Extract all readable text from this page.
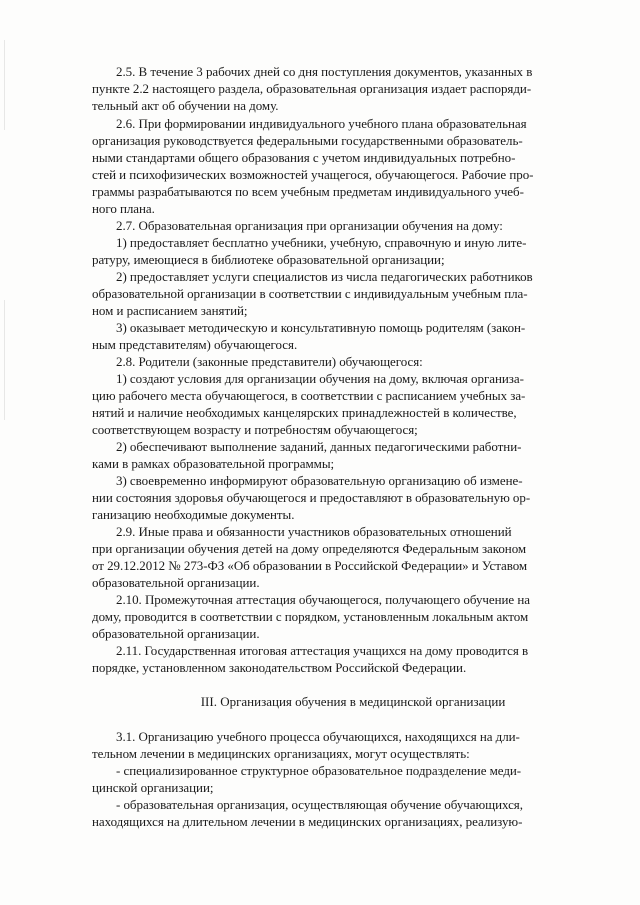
2.5. В течение 3 рабочих дней со дня поступления документов, указанных в
пункте 2.2 настоящего раздела, образовательная организация издает распоряди-
тельный акт об обучении на дому.
2.6. При формировании индивидуального учебного плана образовательная
организация руководствуется федеральными государственными образователь-
ными стандартами общего образования с учетом индивидуальных потребно-
стей и психофизических возможностей учащегося, обучающегося. Рабочие про-
граммы разрабатываются по всем учебным предметам индивидуального учеб-
ного плана.
2.7. Образовательная организация при организации обучения на дому:
1) предоставляет бесплатно учебники, учебную, справочную и иную лите-
ратуру, имеющиеся в библиотеке образовательной организации;
2) предоставляет услуги специалистов из числа педагогических работников
образовательной организации в соответствии с индивидуальным учебным пла-
ном и расписанием занятий;
3) оказывает методическую и консультативную помощь родителям (закон-
ным представителям) обучающегося.
2.8. Родители (законные представители) обучающегося:
1) создают условия для организации обучения на дому, включая организа-
цию рабочего места обучающегося, в соответствии с расписанием учебных за-
нятий и наличие необходимых канцелярских принадлежностей в количестве,
соответствующем возрасту и потребностям обучающегося;
2) обеспечивают выполнение заданий, данных педагогическими работни-
ками в рамках образовательной программы;
3) своевременно информируют образовательную организацию об измене-
нии состояния здоровья обучающегося и предоставляют в образовательную ор-
ганизацию необходимые документы.
2.9. Иные права и обязанности участников образовательных отношений
при организации обучения детей на дому определяются Федеральным законом
от 29.12.2012 № 273-ФЗ «Об образовании в Российской Федерации» и Уставом
образовательной организации.
2.10. Промежуточная аттестация обучающегося, получающего обучение на
дому, проводится в соответствии с порядком, установленным локальным актом
образовательной организации.
2.11. Государственная итоговая аттестация учащихся на дому проводится в
порядке, установленном законодательством Российской Федерации.
III. Организация обучения в медицинской организации
3.1. Организацию учебного процесса обучающихся, находящихся на дли-
тельном лечении в медицинских организациях, могут осуществлять:
- специализированное структурное образовательное подразделение меди-
цинской организации;
- образовательная организация, осуществляющая обучение обучающихся,
находящихся на длительном лечении в медицинских организациях, реализую-
